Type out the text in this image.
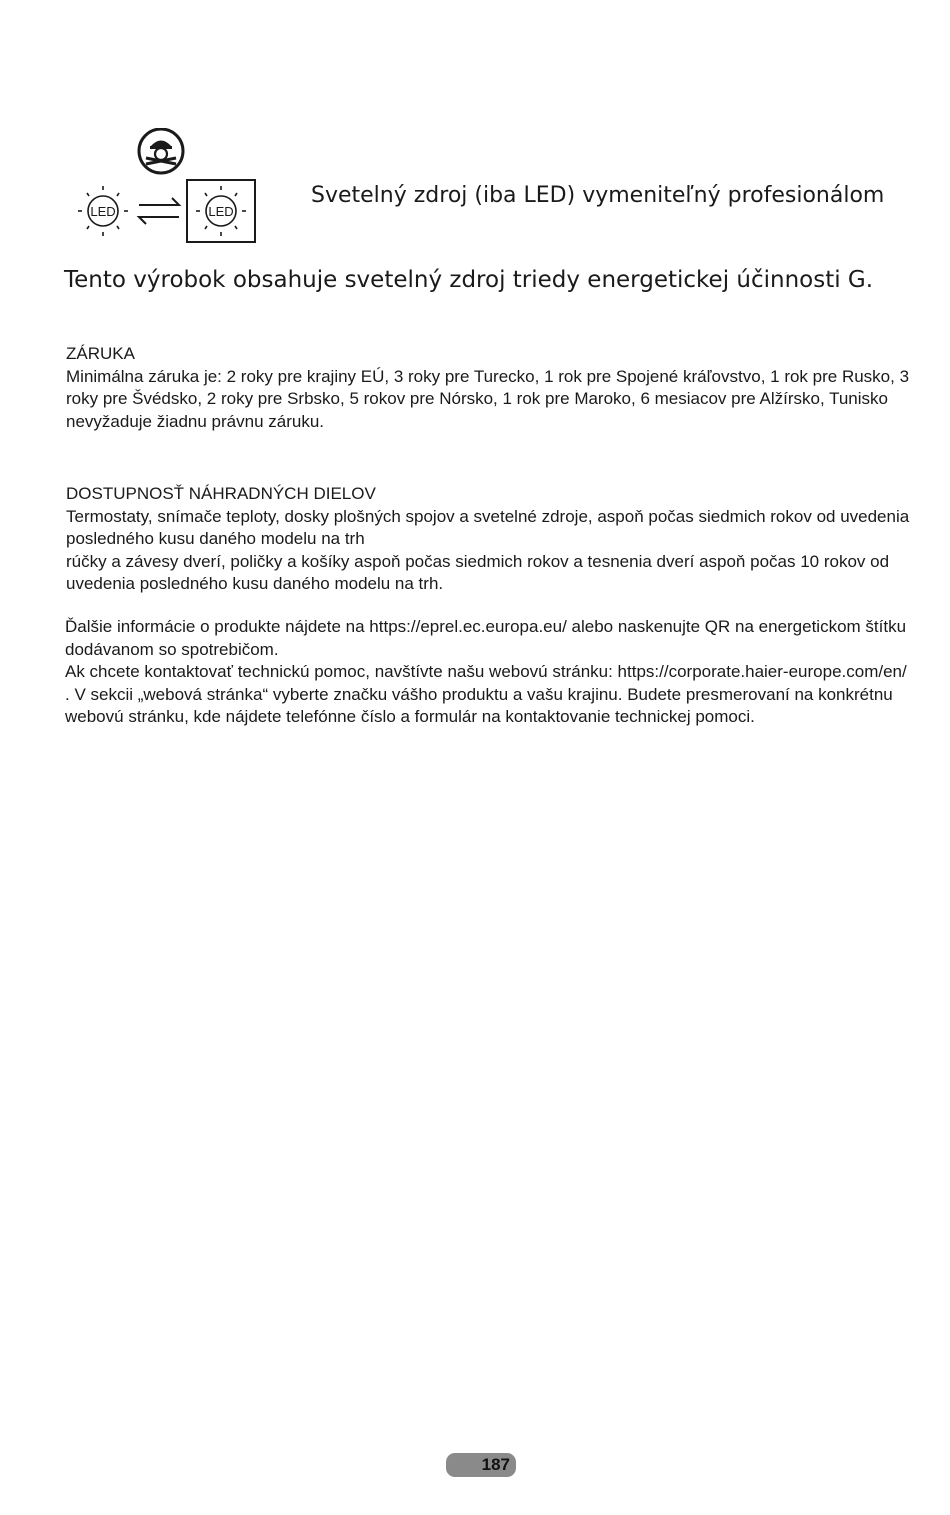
LED	LED
Svetelný zdroj (iba LED) vymeniteľný profesionálom
Tento výrobok obsahuje svetelný zdroj triedy energetickej účinnosti G.

ZÁRUKA

Minimálna záruka je: 2 roky pre krajiny EÚ, 3 roky pre Turecko, 1 rok pre Spojené kráľovstvo, 1 rok pre Rusko, 3 roky pre Švédsko, 2 roky pre Srbsko, 5 rokov pre Nórsko, 1 rok pre Maroko, 6 mesiacov pre Alžírsko, Tunisko nevyžaduje žiadnu právnu záruku.

DOSTUPNOSŤ NÁHRADNÝCH DIELOV

Termostaty, snímače teploty, dosky plošných spojov a svetelné zdroje, aspoň počas siedmich rokov od uvedenia posledného kusu daného modelu na trh

rúčky a závesy dverí, poličky a košíky aspoň počas siedmich rokov a tesnenia dverí aspoň počas 10 rokov od uvedenia posledného kusu daného modelu na trh.

Ďalšie informácie o produkte nájdete na https://eprel.ec.europa.eu/ alebo naskenujte QR na energetickom štítku dodávanom so spotrebičom.

Ak chcete kontaktovať technickú pomoc, navštívte našu webovú stránku: https://corporate.haier-europe.com/en/ . V sekcii „webová stránka“ vyberte značku vášho produktu a vašu krajinu. Budete presmerovaní na konkrétnu webovú stránku, kde nájdete telefónne číslo a formulár na kontaktovanie technickej pomoci.

187
